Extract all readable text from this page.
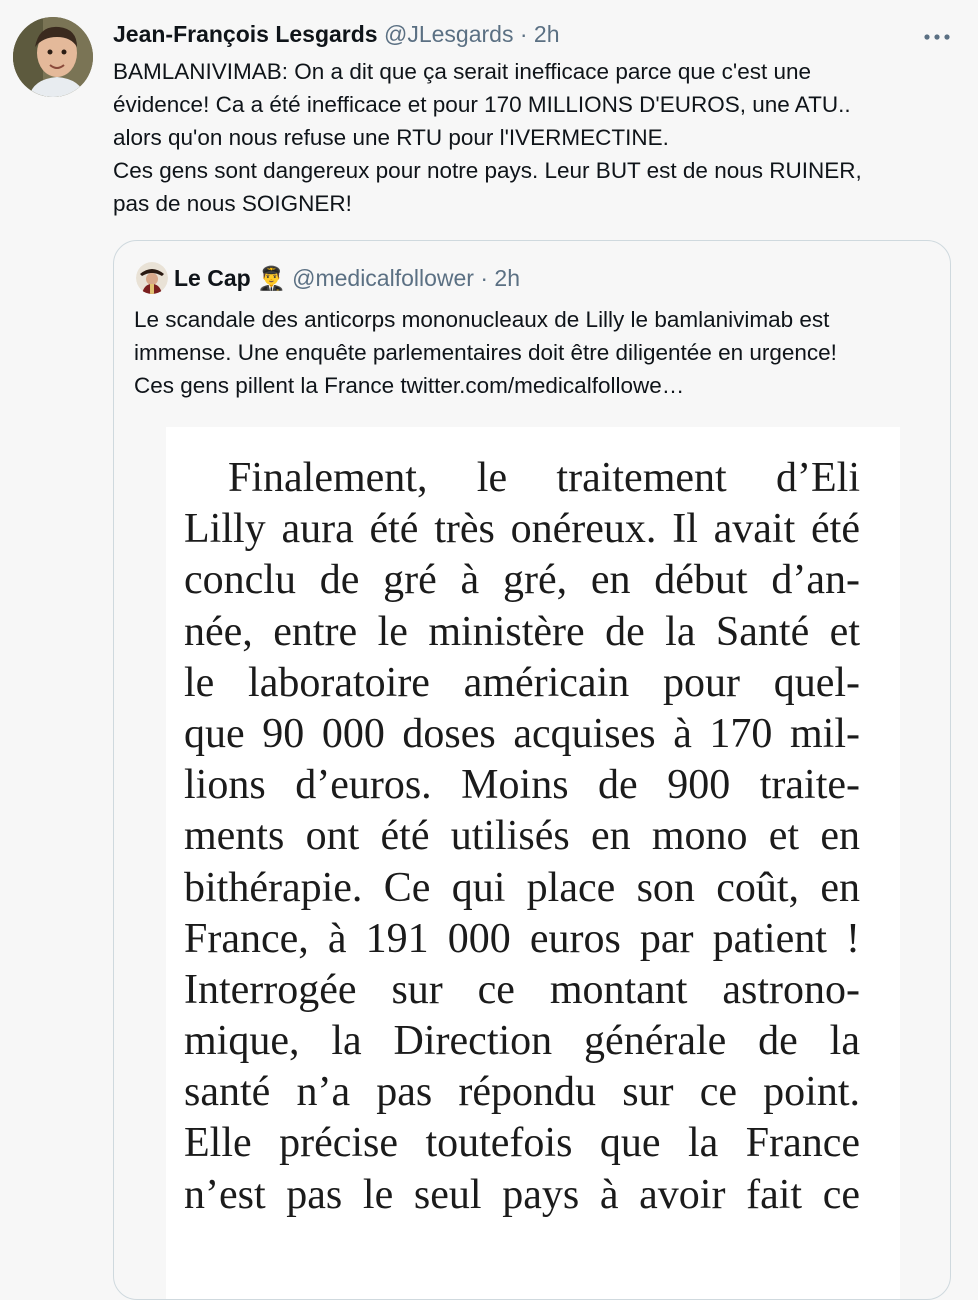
Jean-François Lesgards @JLesgards · 2h
BAMLANIVIMAB: On a dit que ça serait inefficace parce que c'est une
évidence! Ca a été inefficace et pour 170 MILLIONS D'EUROS, une ATU..
alors qu'on nous refuse une RTU pour l'IVERMECTINE.
Ces gens sont dangereux pour notre pays. Leur BUT est de nous RUINER,
pas de nous SOIGNER!
Le Cap 👨‍✈️ @medicalfollower · 2h
Le scandale des anticorps mononucleaux de Lilly le bamlanivimab est
immense. Une enquête parlementaires doit être diligentée en urgence!
Ces gens pillent la France twitter.com/medicalfollowe…
Finalement, le traitement d’Eli
Lilly aura été très onéreux. Il avait été
conclu de gré à gré, en début d’an-
née, entre le ministère de la Santé et
le laboratoire américain pour quel-
que 90 000 doses acquises à 170 mil-
lions d’euros. Moins de 900 traite-
ments ont été utilisés en mono et en
bithérapie. Ce qui place son coût, en
France, à 191 000 euros par patient !
Interrogée sur ce montant astrono-
mique, la Direction générale de la
santé n’a pas répondu sur ce point.
Elle précise toutefois que la France
n’est pas le seul pays à avoir fait ce
